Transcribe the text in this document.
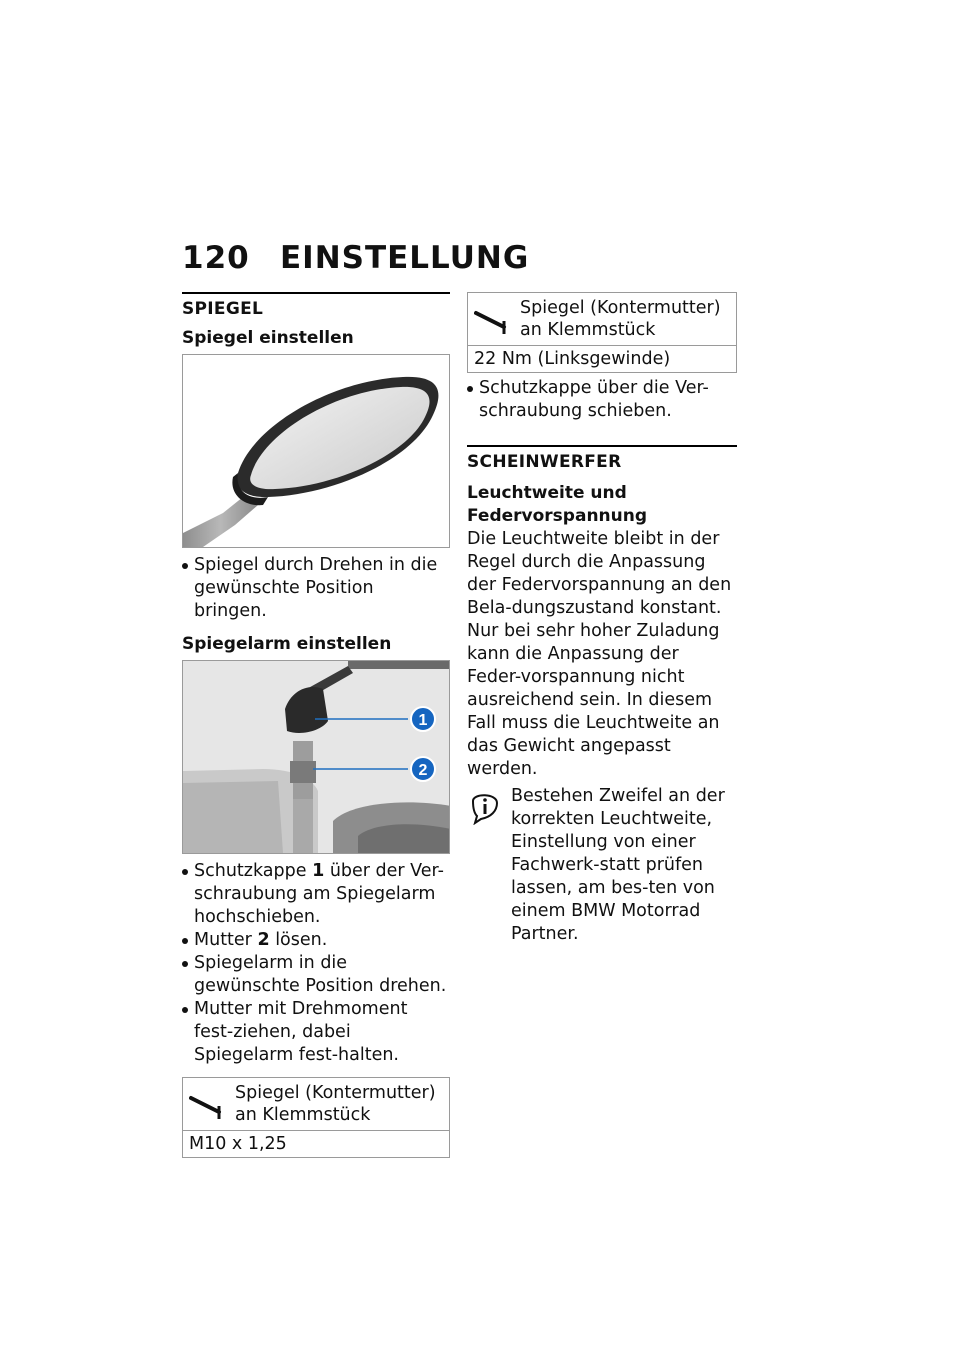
120 EINSTELLUNG
SPIEGEL
Spiegel einstellen
Spiegel durch Drehen in die gewünschte Position bringen.
Spiegelarm einstellen
1
2
Schutzkappe 1 über der Ver-schraubung am Spiegelarm hochschieben.
Mutter 2 lösen.
Spiegelarm in die gewünschte Position drehen.
Mutter mit Drehmoment fest-ziehen, dabei Spiegelarm fest-halten.
Spiegel (Kontermutter) an Klemmstück
M10 x 1,25
Spiegel (Kontermutter) an Klemmstück
22 Nm (Linksgewinde)
Schutzkappe über die Ver-schraubung schieben.
SCHEINWERFER
Leuchtweite und Federvorspannung
Die Leuchtweite bleibt in der Regel durch die Anpassung der Federvorspannung an den Bela-dungszustand konstant.
Nur bei sehr hoher Zuladung kann die Anpassung der Feder-vorspannung nicht ausreichend sein. In diesem Fall muss die Leuchtweite an das Gewicht angepasst werden.
Bestehen Zweifel an der korrekten Leuchtweite, Einstellung von einer Fachwerk-statt prüfen lassen, am bes-ten von einem BMW Motorrad Partner.
